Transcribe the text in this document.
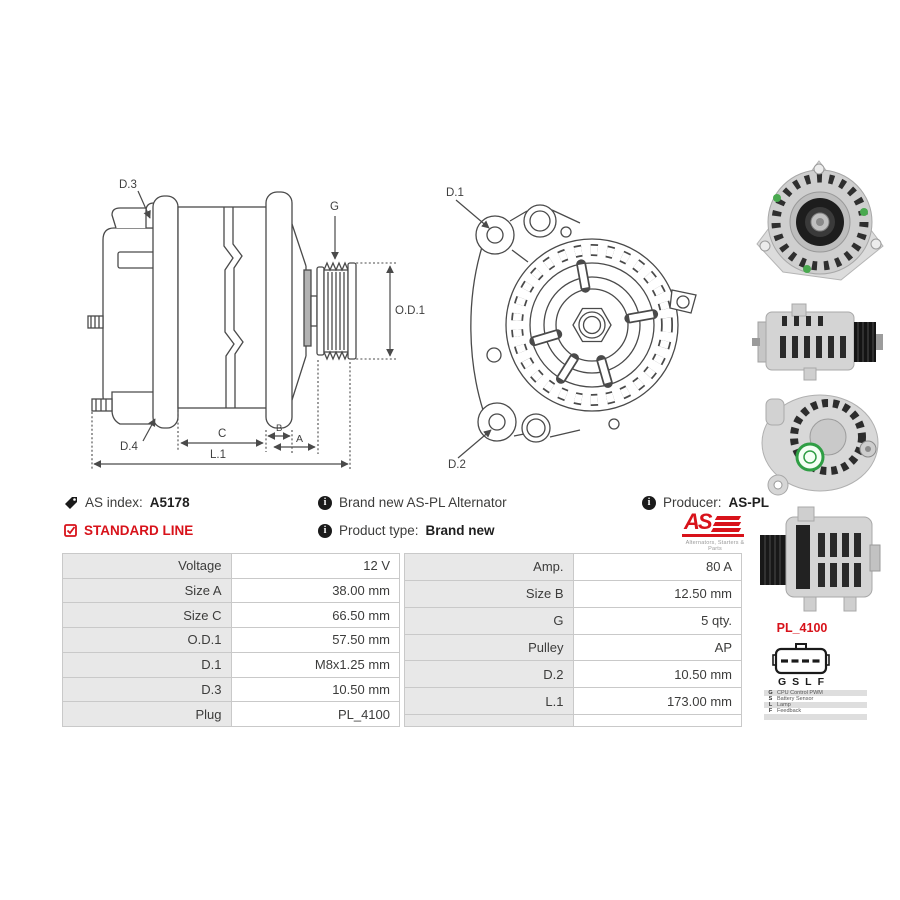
D.3
G
O.D.1
D.4
C	B
A
L.1
D.1
D.2
AS index: A5178
STANDARD LINE
i Brand new AS-PL Alternator
i Product type: Brand new
i Producer: AS-PL
AS
Alternators, Starters & Parts
Voltage	12 V
Size A	38.00 mm
Size C	66.50 mm
O.D.1	57.50 mm
D.1	M8x1.25 mm
D.3	10.50 mm
Plug	PL_4100
Amp.	80 A
Size B	12.50 mm
G	5 qty.
Pulley	AP
D.2	10.50 mm
L.1	173.00 mm
PL_4100
G S L F
G CPU Control PWM
S Battery Sensor
L Lamp
F Feedback
